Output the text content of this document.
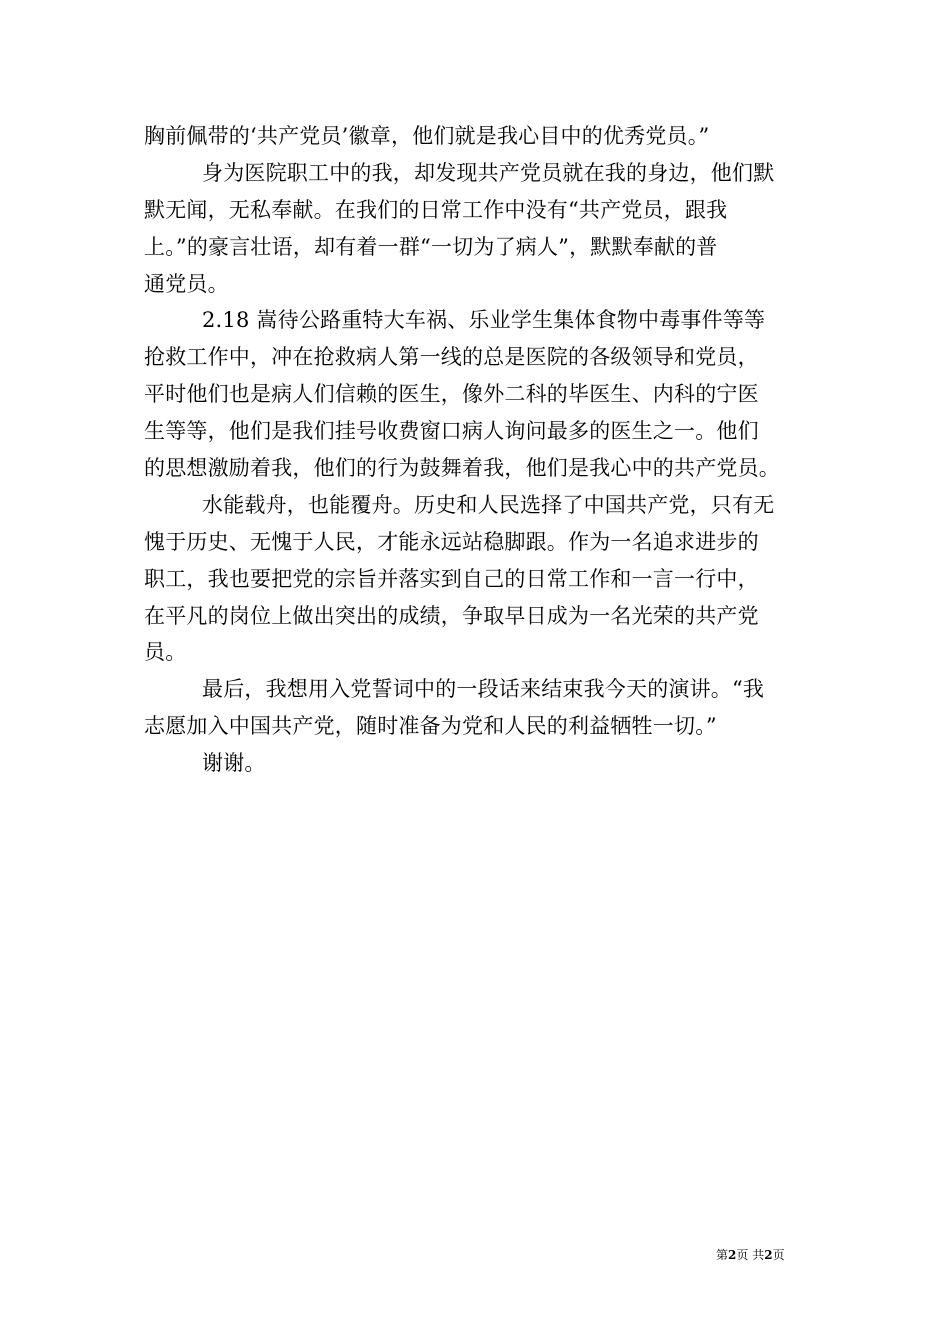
胸前佩带的‘共产党员’徽章，他们就是我心目中的优秀党员。”
身为医院职工中的我，却发现共产党员就在我的身边，他们默
默无闻，无私奉献。在我们的日常工作中没有“共产党员，跟我
上。”的豪言壮语，却有着一群“一切为了病人”，默默奉献的普
通党员。
2.18 嵩待公路重特大车祸、乐业学生集体食物中毒事件等等
抢救工作中，冲在抢救病人第一线的总是医院的各级领导和党员，
平时他们也是病人们信赖的医生，像外二科的毕医生、内科的宁医
生等等，他们是我们挂号收费窗口病人询问最多的医生之一。他们
的思想激励着我，他们的行为鼓舞着我，他们是我心中的共产党员。
水能载舟，也能覆舟。历史和人民选择了中国共产党，只有无
愧于历史、无愧于人民，才能永远站稳脚跟。作为一名追求进步的
职工，我也要把党的宗旨并落实到自己的日常工作和一言一行中，
在平凡的岗位上做出突出的成绩，争取早日成为一名光荣的共产党
员。
最后，我想用入党誓词中的一段话来结束我今天的演讲。“我
志愿加入中国共产党，随时准备为党和人民的利益牺牲一切。”
谢谢。
第2页 共2页
